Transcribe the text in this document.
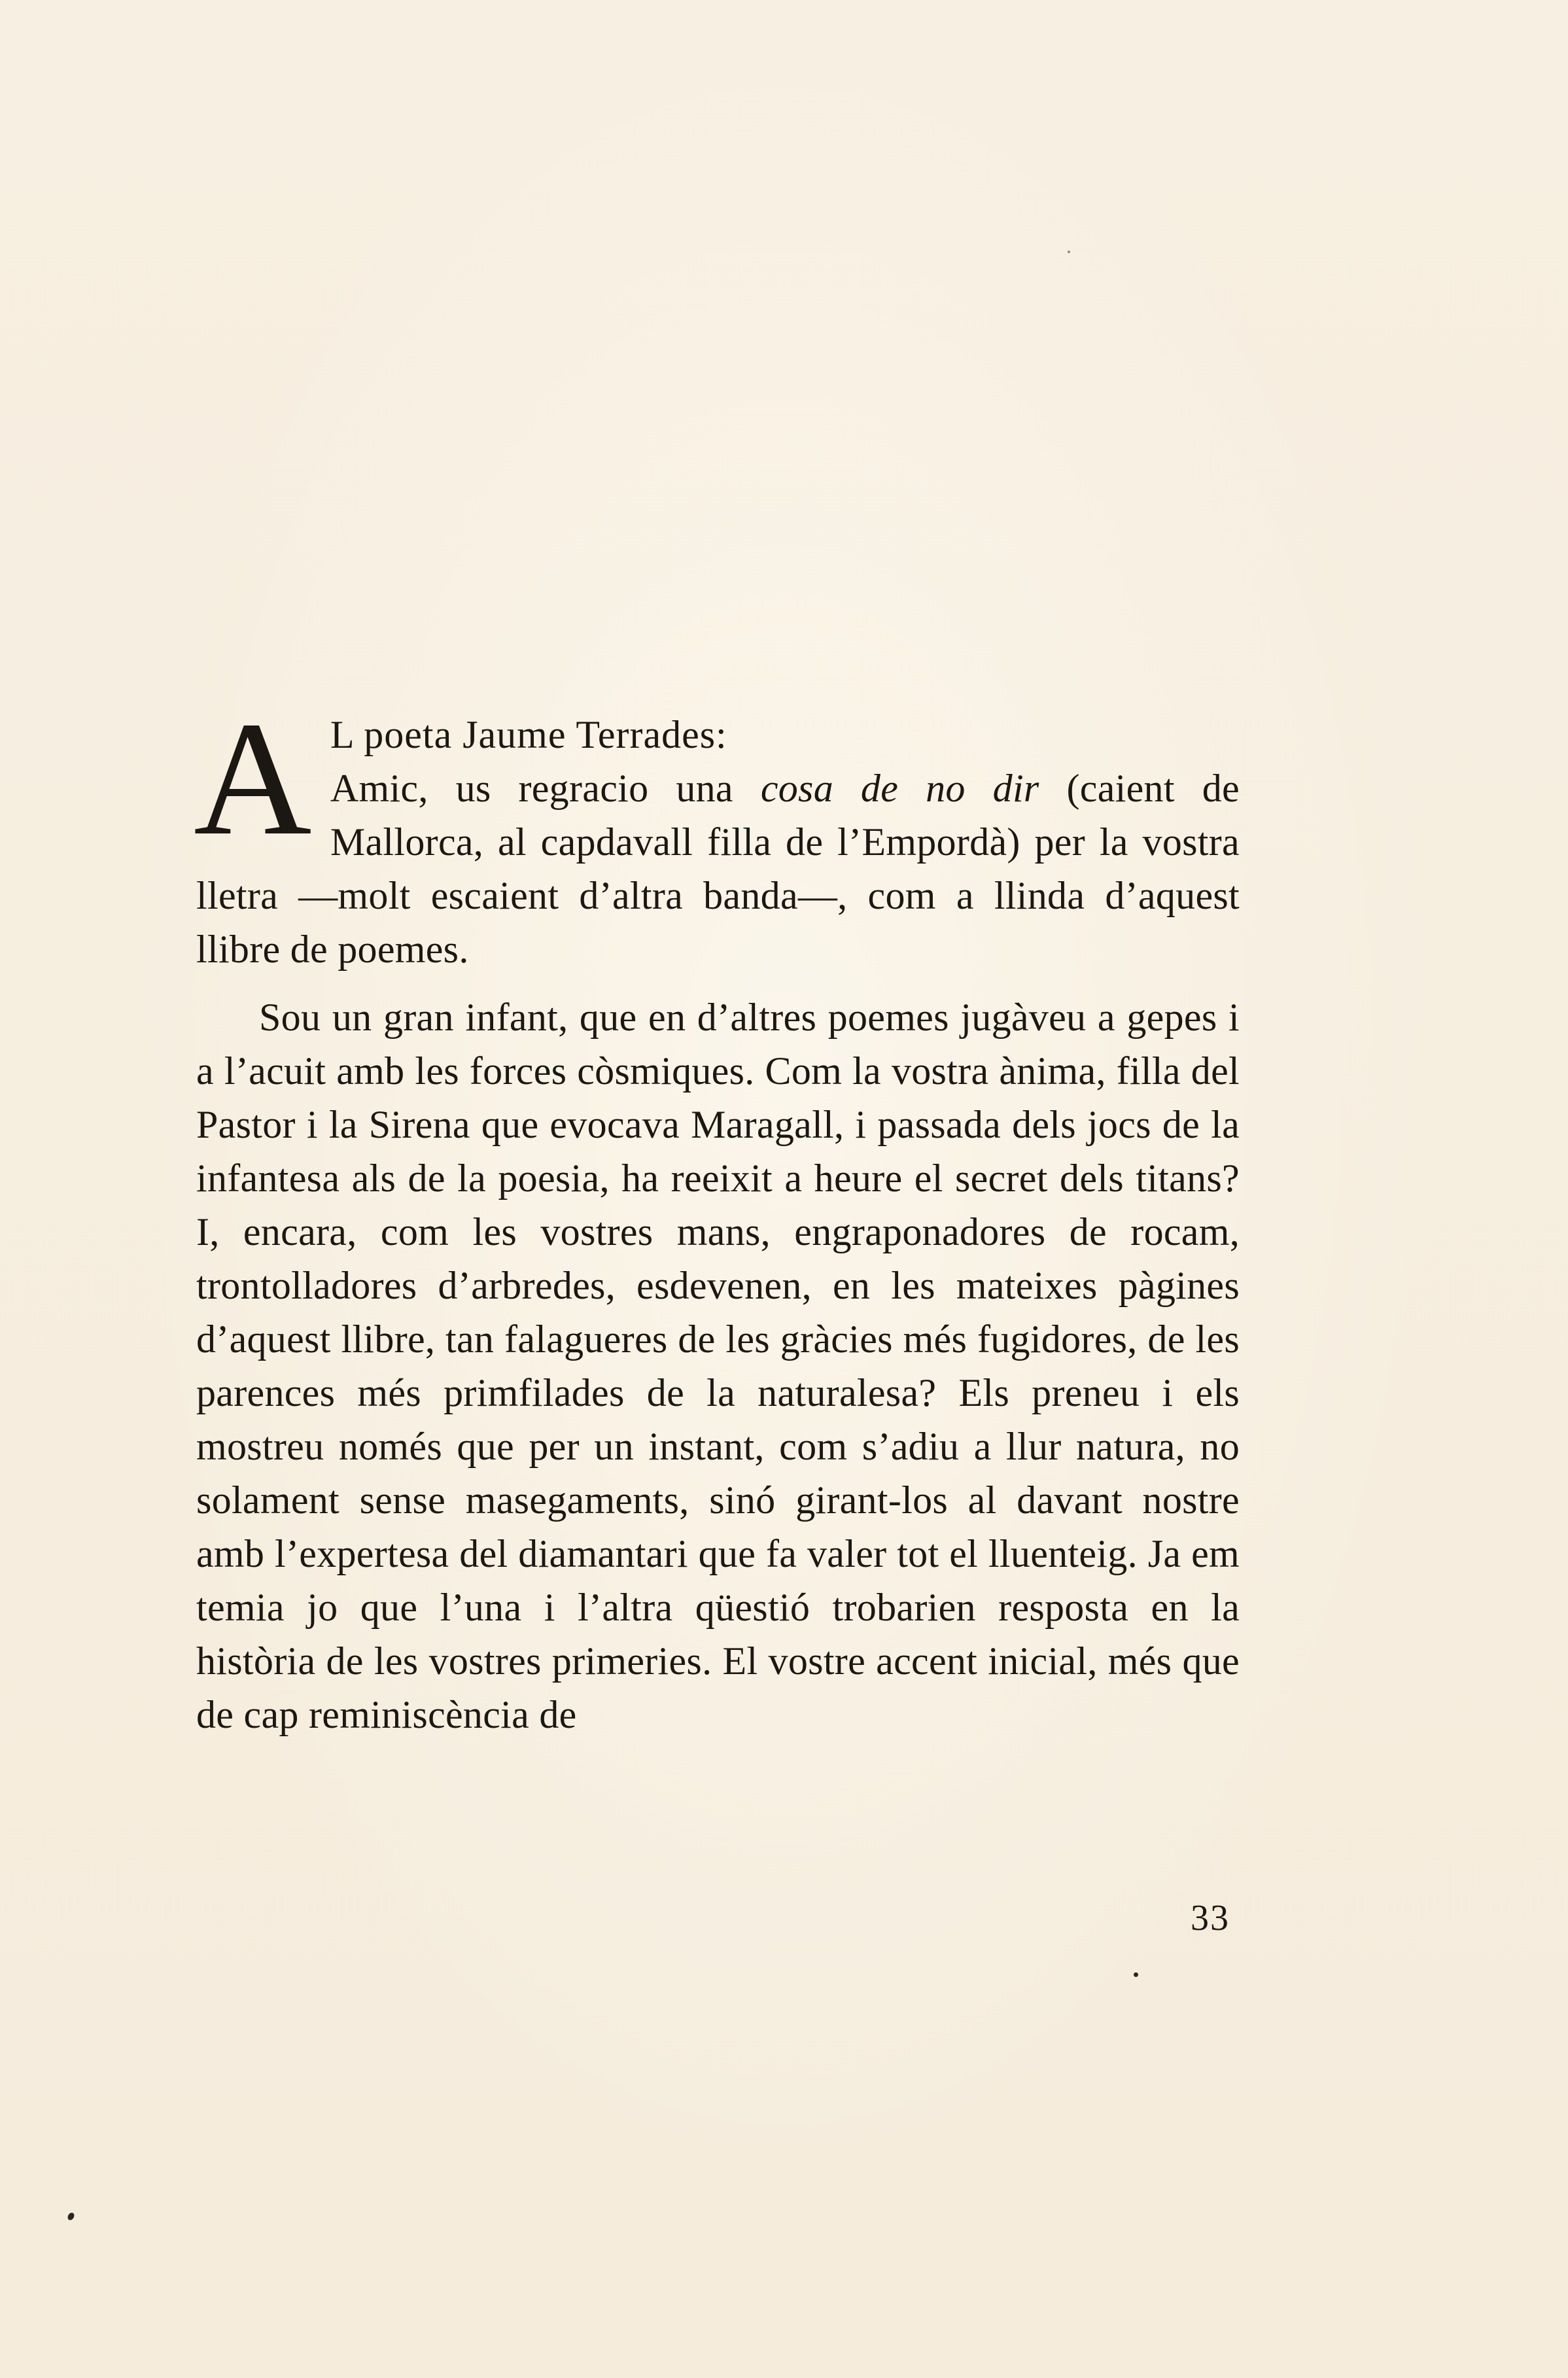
A L poeta Jaume Terrades:
Amic, us regracio una cosa de no dir (caient de Mallorca, al capdavall filla de l’Empordà) per la vostra lletra —molt escaient d’altra banda—, com a llinda d’aquest llibre de poemes.

Sou un gran infant, que en d’altres poemes jugàveu a gepes i a l’acuit amb les forces còsmiques. Com la vostra ànima, filla del Pastor i la Sirena que evocava Maragall, i passada dels jocs de la infantesa als de la poesia, ha reeixit a heure el secret dels titans? I, encara, com les vostres mans, engraponadores de rocam, trontolladores d’arbredes, esdevenen, en les mateixes pàgines d’aquest llibre, tan falagueres de les gràcies més fugidores, de les parences més primfilades de la naturalesa? Els preneu i els mostreu només que per un instant, com s’adiu a llur natura, no solament sense masegaments, sinó girant-los al davant nostre amb l’expertesa del diamantari que fa valer tot el lluenteig. Ja em temia jo que l’una i l’altra qüestió trobarien resposta en la història de les vostres primeries. El vostre accent inicial, més que de cap reminiscència de

33
